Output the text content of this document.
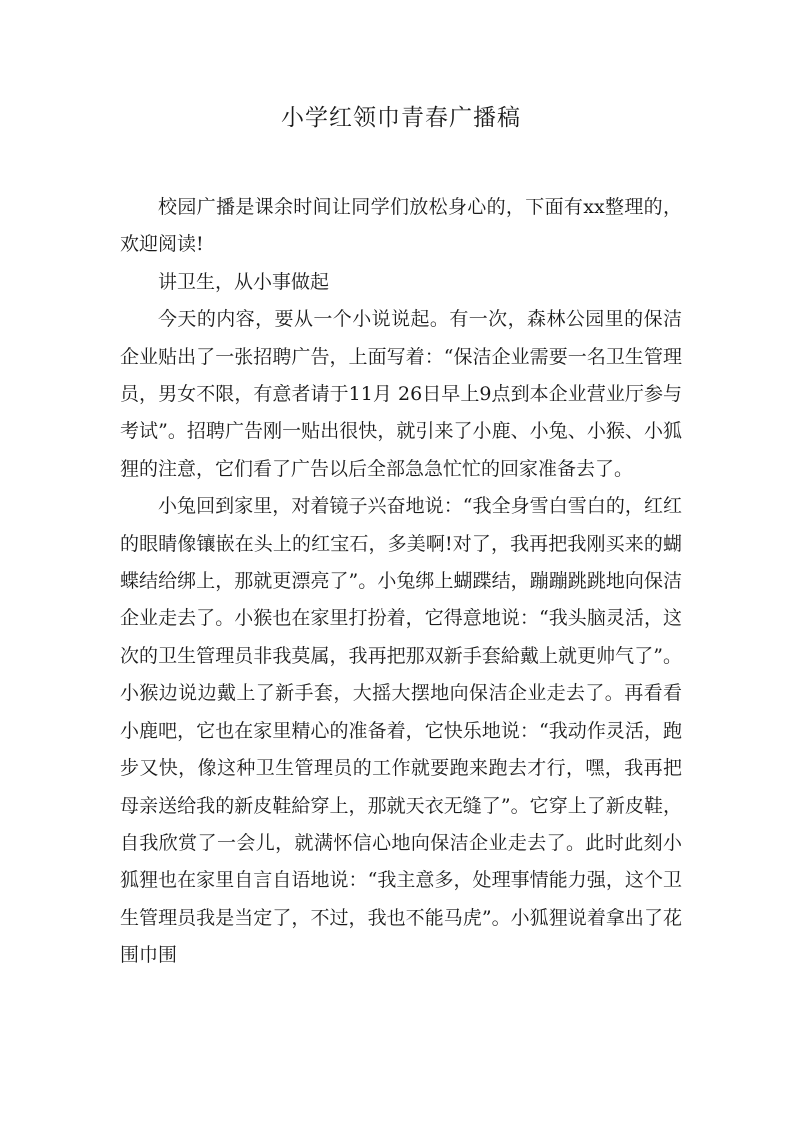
小学红领巾青春广播稿

校园广播是课余时间让同学们放松身心的，下面有xx整理的，欢迎阅读!

讲卫生，从小事做起

今天的内容，要从一个小说说起。有一次，森林公园里的保洁企业贴出了一张招聘广告，上面写着：“保洁企业需要一名卫生管理员，男女不限，有意者请于11月 26日早上9点到本企业营业厅参与考试”。招聘广告刚一贴出很快，就引来了小鹿、小兔、小猴、小狐狸的注意，它们看了广告以后全部急急忙忙的回家准备去了。

小兔回到家里，对着镜子兴奋地说：“我全身雪白雪白的，红红的眼睛像镶嵌在头上的红宝石，多美啊!对了，我再把我刚买来的蝴蝶结给绑上，那就更漂亮了”。小兔绑上蝴蹀结，蹦蹦跳跳地向保洁企业走去了。小猴也在家里打扮着，它得意地说：“我头脑灵活，这次的卫生管理员非我莫属，我再把那双新手套給戴上就更帅气了”。小猴边说边戴上了新手套，大摇大摆地向保洁企业走去了。再看看小鹿吧，它也在家里精心的准备着，它快乐地说：“我动作灵活，跑步又快，像这种卫生管理员的工作就要跑来跑去才行，嘿，我再把母亲送给我的新皮鞋給穿上，那就天衣无缝了”。它穿上了新皮鞋，自我欣赏了一会儿，就满怀信心地向保洁企业走去了。此时此刻小狐狸也在家里自言自语地说：“我主意多，处理事情能力强，这个卫生管理员我是当定了，不过，我也不能马虎”。小狐狸说着拿出了花围巾围
